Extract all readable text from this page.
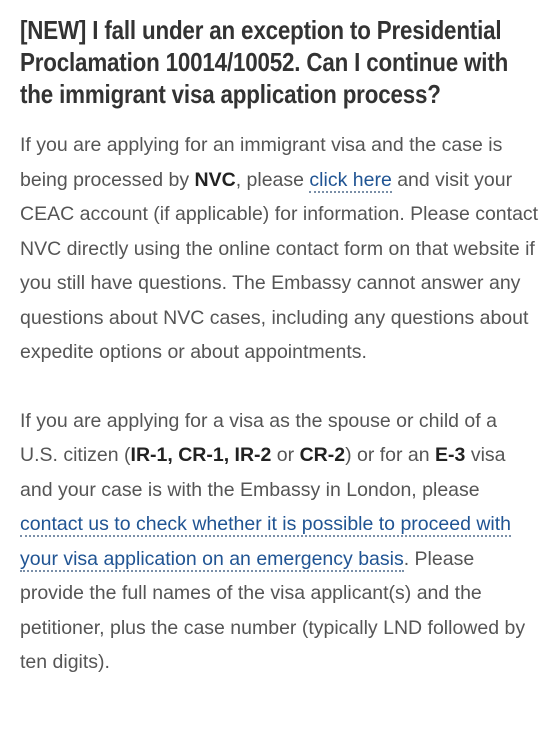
[NEW] I fall under an exception to Presidential Proclamation 10014/10052. Can I continue with the immigrant visa application process?

If you are applying for an immigrant visa and the case is being processed by NVC, please click here and visit your CEAC account (if applicable) for information. Please contact NVC directly using the online contact form on that website if you still have questions. The Embassy cannot answer any questions about NVC cases, including any questions about expedite options or about appointments.

If you are applying for a visa as the spouse or child of a U.S. citizen (IR-1, CR-1, IR-2 or CR-2) or for an E-3 visa and your case is with the Embassy in London, please contact us to check whether it is possible to proceed with your visa application on an emergency basis. Please provide the full names of the visa applicant(s) and the petitioner, plus the case number (typically LND followed by ten digits).
